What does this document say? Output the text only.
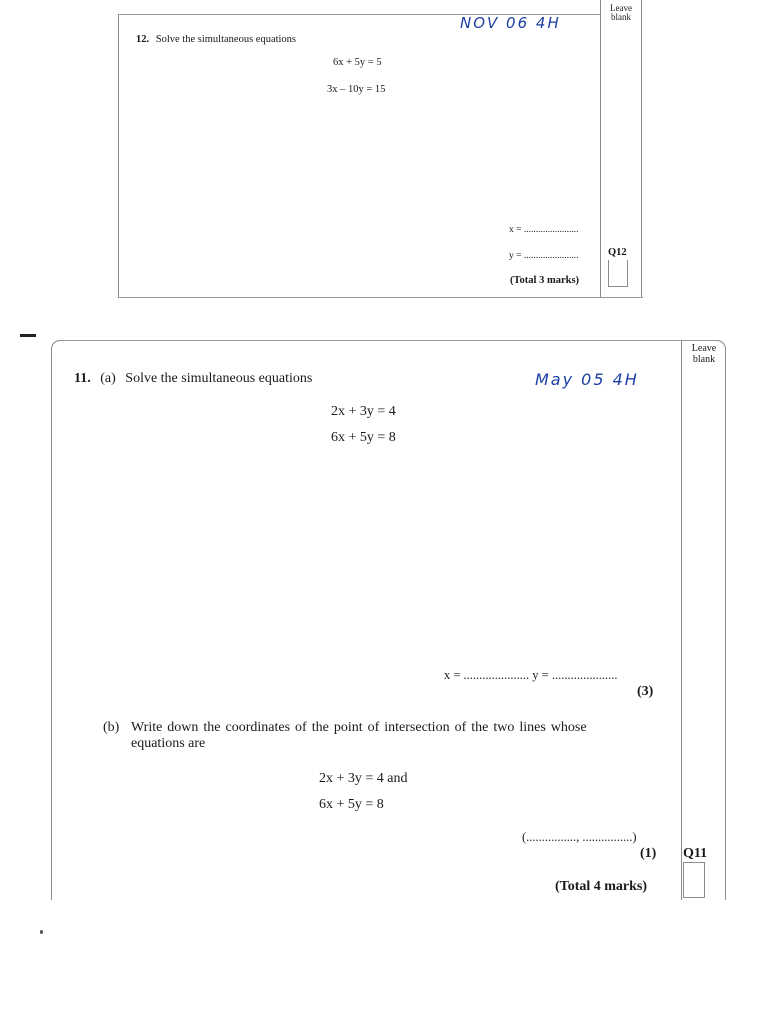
Leave
blank
12. Solve the simultaneous equations
NOV 06 4H
6x + 5y = 5
3x – 10y = 15
x = .......................
y = .......................
(Total 3 marks)
Q12
Leave
blank
11. (a) Solve the simultaneous equations	May 05 4H
2x + 3y = 4
6x + 5y = 8
x = ..................... y = .....................
(3)
(b) Write down the coordinates of the point of intersection of the two lines whose
equations are
2x + 3y = 4 and
6x + 5y = 8
(................, ................)
(1) Q11
(Total 4 marks)
